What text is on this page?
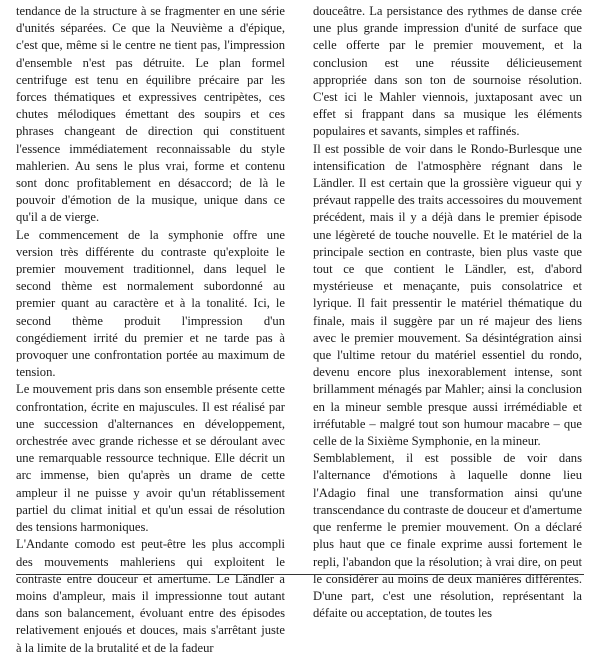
tendance de la structure à se fragmenter en une série d'unités séparées. Ce que la Neuvième a d'épique, c'est que, même si le centre ne tient pas, l'impression d'ensemble n'est pas détruite. Le plan formel centrifuge est tenu en équilibre précaire par les forces thématiques et expressives centripètes, ces chutes mélodiques émettant des soupirs et ces phrases changeant de direction qui constituent l'essence immédiatement reconnaissable du style mahlerien. Au sens le plus vrai, forme et contenu sont donc profitablement en désaccord; de là le pouvoir d'émotion de la musique, unique dans ce qu'il a de vierge.

Le commencement de la symphonie offre une version très différente du contraste qu'exploite le premier mouvement traditionnel, dans lequel le second thème est normalement subordonné au premier quant au caractère et à la tonalité. Ici, le second thème produit l'impression d'un congédiement irrité du premier et ne tarde pas à provoquer une confrontation portée au maximum de tension.

Le mouvement pris dans son ensemble présente cette confrontation, écrite en majuscules. Il est réalisé par une succession d'alternances en développement, orchestrée avec grande richesse et se déroulant avec une remarquable ressource technique. Elle décrit un arc immense, bien qu'après un drame de cette ampleur il ne puisse y avoir qu'un rétablissement partiel du climat initial et qu'un essai de résolution des tensions harmoniques.

L'Andante comodo est peut-être les plus accompli des mouvements mahleriens qui exploitent le contraste entre douceur et amertume. Le Ländler a moins d'ampleur, mais il impressionne tout autant dans son balancement, évoluant entre des épisodes relativement enjoués et douces, mais s'arrêtant juste à la limite de la brutalité et de la fadeur

douceâtre. La persistance des rythmes de danse crée une plus grande impression d'unité de surface que celle offerte par le premier mouvement, et la conclusion est une réussite délicieusement appropriée dans son ton de sournoise résolution. C'est ici le Mahler viennois, juxtaposant avec un effet si frappant dans sa musique les éléments populaires et savants, simples et raffinés.

Il est possible de voir dans le Rondo-Burlesque une intensification de l'atmosphère régnant dans le Ländler. Il est certain que la grossière vigueur qui y prévaut rappelle des traits accessoires du mouvement précédent, mais il y a déjà dans le premier épisode une légèreté de touche nouvelle. Et le matériel de la principale section en contraste, bien plus vaste que tout ce que contient le Ländler, est, d'abord mystérieuse et menaçante, puis consolatrice et lyrique. Il fait pressentir le matériel thématique du finale, mais il suggère par un ré majeur des liens avec le premier mouvement. Sa désintégration ainsi que l'ultime retour du matériel essentiel du rondo, devenu encore plus inexorablement intense, sont brillamment ménagés par Mahler; ainsi la conclusion en la mineur semble presque aussi irrémédiable et irréfutable – malgré tout son humour macabre – que celle de la Sixième Symphonie, en la mineur.

Semblablement, il est possible de voir dans l'alternance d'émotions à laquelle donne lieu l'Adagio final une transformation ainsi qu'une transcendance du contraste de douceur et d'amertume que renferme le premier mouvement. On a déclaré plus haut que ce finale exprime aussi fortement le repli, l'abandon que la résolution; à vrai dire, on peut le considérer au moins de deux manières différentes. D'une part, c'est une résolution, représentant la défaite ou acceptation, de toutes les
